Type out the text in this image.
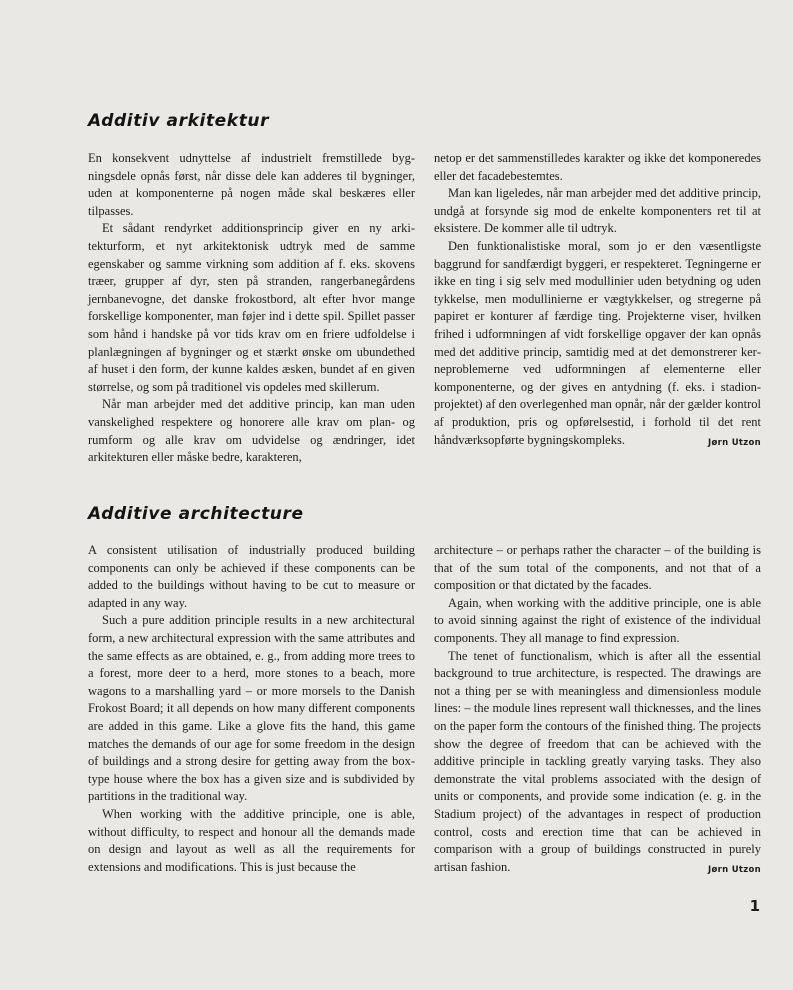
Additiv arkitektur

En konsekvent udnyttelse af industrielt fremstillede bygningsdele opnås først, når disse dele kan adderes til bygninger, uden at komponenterne på nogen måde skal beskæres eller tilpasses.

Et sådant rendyrket additionsprincip giver en ny arkitekturform, et nyt arkitektonisk udtryk med de samme egenskaber og samme virkning som addition af f. eks. skovens træer, grupper af dyr, sten på stranden, rangerbanegårdens jernbanevogne, det danske frokostbord, alt efter hvor mange forskellige komponenter, man føjer ind i dette spil. Spillet passer som hånd i handske på vor tids krav om en friere udfoldelse i planlægningen af bygninger og et stærkt ønske om ubundethed af huset i den form, der kunne kaldes æsken, bundet af en given størrelse, og som på traditionel vis opdeles med skillerum.

Når man arbejder med det additive princip, kan man uden vanskelighed respektere og honorere alle krav om plan- og rumform og alle krav om udvidelse og ændringer, idet arkitekturen eller måske bedre, karakteren,

netop er det sammenstilledes karakter og ikke det komponeredes eller det facadebestemtes.

Man kan ligeledes, når man arbejder med det additive princip, undgå at forsynde sig mod de enkelte komponenters ret til at eksistere. De kommer alle til udtryk.

Den funktionalistiske moral, som jo er den væsentligste baggrund for sandfærdigt byggeri, er respekteret. Tegningerne er ikke en ting i sig selv med modullinier uden betydning og uden tykkelse, men modullinierne er vægtykkelser, og stregerne på papiret er konturer af færdige ting. Projekterne viser, hvilken frihed i udformningen af vidt forskellige opgaver der kan opnås med det additive princip, samtidig med at det demonstrerer kerneproblemerne ved udformningen af elementerne eller komponenterne, og der gives en antydning (f. eks. i stadion-projektet) af den overlegenhed man opnår, når der gælder kontrol af produktion, pris og opførelsestid, i forhold til det rent håndværksopførte bygningskompleks.	Jørn Utzon

Additive architecture

A consistent utilisation of industrially produced building components can only be achieved if these components can be added to the buildings without having to be cut to measure or adapted in any way.

Such a pure addition principle results in a new architectural form, a new architectural expression with the same attributes and the same effects as are obtained, e. g., from adding more trees to a forest, more deer to a herd, more stones to a beach, more wagons to a marshalling yard – or more morsels to the Danish Frokost Board; it all depends on how many different components are added in this game. Like a glove fits the hand, this game matches the demands of our age for some freedom in the design of buildings and a strong desire for getting away from the box-type house where the box has a given size and is subdivided by partitions in the traditional way.

When working with the additive principle, one is able, without difficulty, to respect and honour all the demands made on design and layout as well as all the requirements for extensions and modifications. This is just because the

architecture – or perhaps rather the character – of the building is that of the sum total of the components, and not that of a composition or that dictated by the facades.

Again, when working with the additive principle, one is able to avoid sinning against the right of existence of the individual components. They all manage to find expression.

The tenet of functionalism, which is after all the essential background to true architecture, is respected. The drawings are not a thing per se with meaningless and dimensionless module lines: – the module lines represent wall thicknesses, and the lines on the paper form the contours of the finished thing. The projects show the degree of freedom that can be achieved with the additive principle in tackling greatly varying tasks. They also demonstrate the vital problems associated with the design of units or components, and provide some indication (e. g. in the Stadium project) of the advantages in respect of production control, costs and erection time that can be achieved in comparison with a group of buildings constructed in purely artisan fashion.	Jørn Utzon

1
